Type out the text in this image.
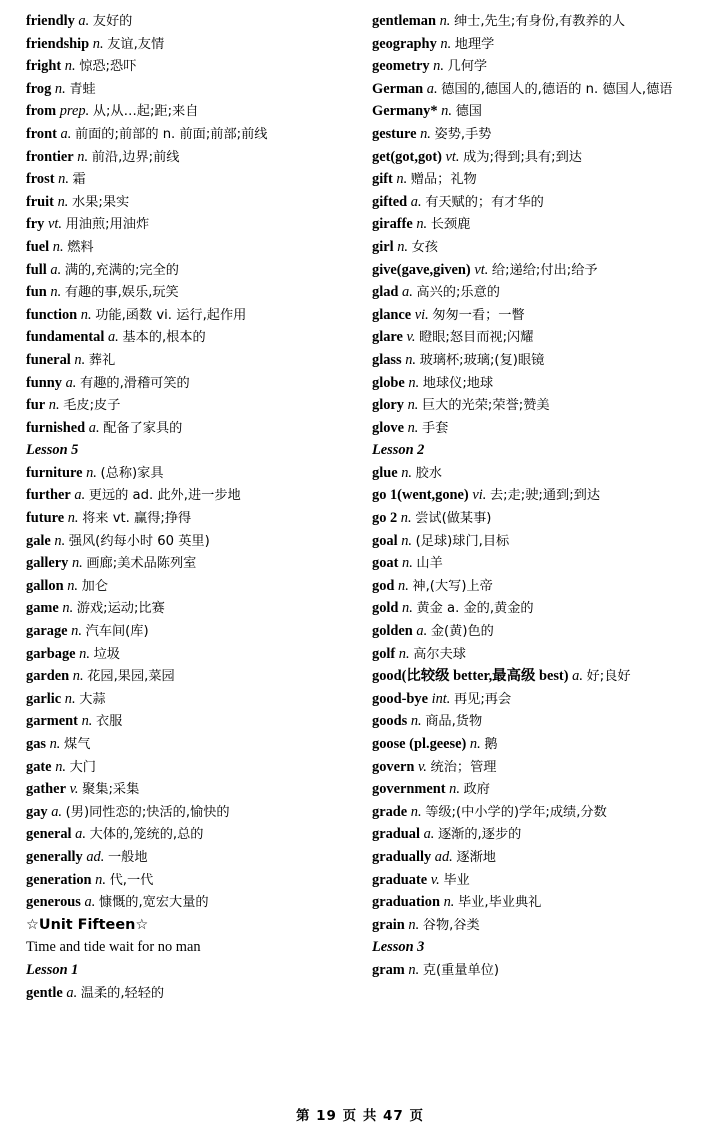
friendly a. 友好的
friendship n. 友谊,友情
fright n. 惊恐;恐吓
frog n. 青蛙
from prep. 从;从…起;距;来自
front a. 前面的;前部的 n. 前面;前部;前线
frontier n. 前沿,边界;前线
frost n. 霜
fruit n. 水果;果实
fry vt. 用油煎;用油炸
fuel n. 燃料
full a. 满的,充满的;完全的
fun n. 有趣的事,娱乐,玩笑
function n. 功能,函数 vi. 运行,起作用
fundamental a. 基本的,根本的
funeral n. 葬礼
funny a. 有趣的,滑稽可笑的
fur n. 毛皮;皮子
furnished a. 配备了家具的
Lesson 5
furniture n. (总称)家具
further a. 更远的 ad. 此外,进一步地
future n. 将来 vt. 赢得;挣得
gale n. 强风(约每小时 60 英里)
gallery n. 画廊;美术品陈列室
gallon n. 加仑
game n. 游戏;运动;比赛
garage n. 汽车间(库)
garbage n. 垃圾
garden n. 花园,果园,菜园
garlic n. 大蒜
garment n. 衣服
gas n. 煤气
gate n. 大门
gather v. 聚集;采集
gay a. (男)同性恋的;快活的,愉快的
general a. 大体的,笼统的,总的
generally ad. 一般地
generation n. 代,一代
generous a. 慷慨的,宽宏大量的
☆Unit Fifteen☆
Time and tide wait for no man
Lesson 1
gentle a. 温柔的,轻轻的
gentleman n. 绅士,先生;有身份,有教养的人
geography n. 地理学
geometry n. 几何学
German a. 德国的,德国人的,德语的 n. 德国人,德语
Germany* n. 德国
gesture n. 姿势,手势
get(got,got) vt. 成为;得到;具有;到达
gift n. 赠品；礼物
gifted a. 有天赋的；有才华的
giraffe n. 长颈鹿
girl n. 女孩
give(gave,given) vt. 给;递给;付出;给予
glad a. 高兴的;乐意的
glance vi. 匆匆一看；一瞥
glare v. 瞪眼;怒目而视;闪耀
glass n. 玻璃杯;玻璃;(复)眼镜
globe n. 地球仪;地球
glory n. 巨大的光荣;荣誉;赞美
glove n. 手套
Lesson 2
glue n. 胶水
go 1(went,gone) vi. 去;走;驶;通到;到达
go 2 n. 尝试(做某事)
goal n. (足球)球门,目标
goat n. 山羊
god n. 神,(大写)上帝
gold n. 黄金 a. 金的,黄金的
golden a. 金(黄)色的
golf n. 高尔夫球
good(比较级 better,最高级 best) a. 好;良好
good-bye int. 再见;再会
goods n. 商品,货物
goose (pl.geese) n. 鹅
govern v. 统治；管理
government n. 政府
grade n. 等级;(中小学的)学年;成绩,分数
gradual a. 逐渐的,逐步的
gradually ad. 逐渐地
graduate v. 毕业
graduation n. 毕业,毕业典礼
grain n. 谷物,谷类
Lesson 3
gram n. 克(重量单位)
第 19 页 共 47 页
